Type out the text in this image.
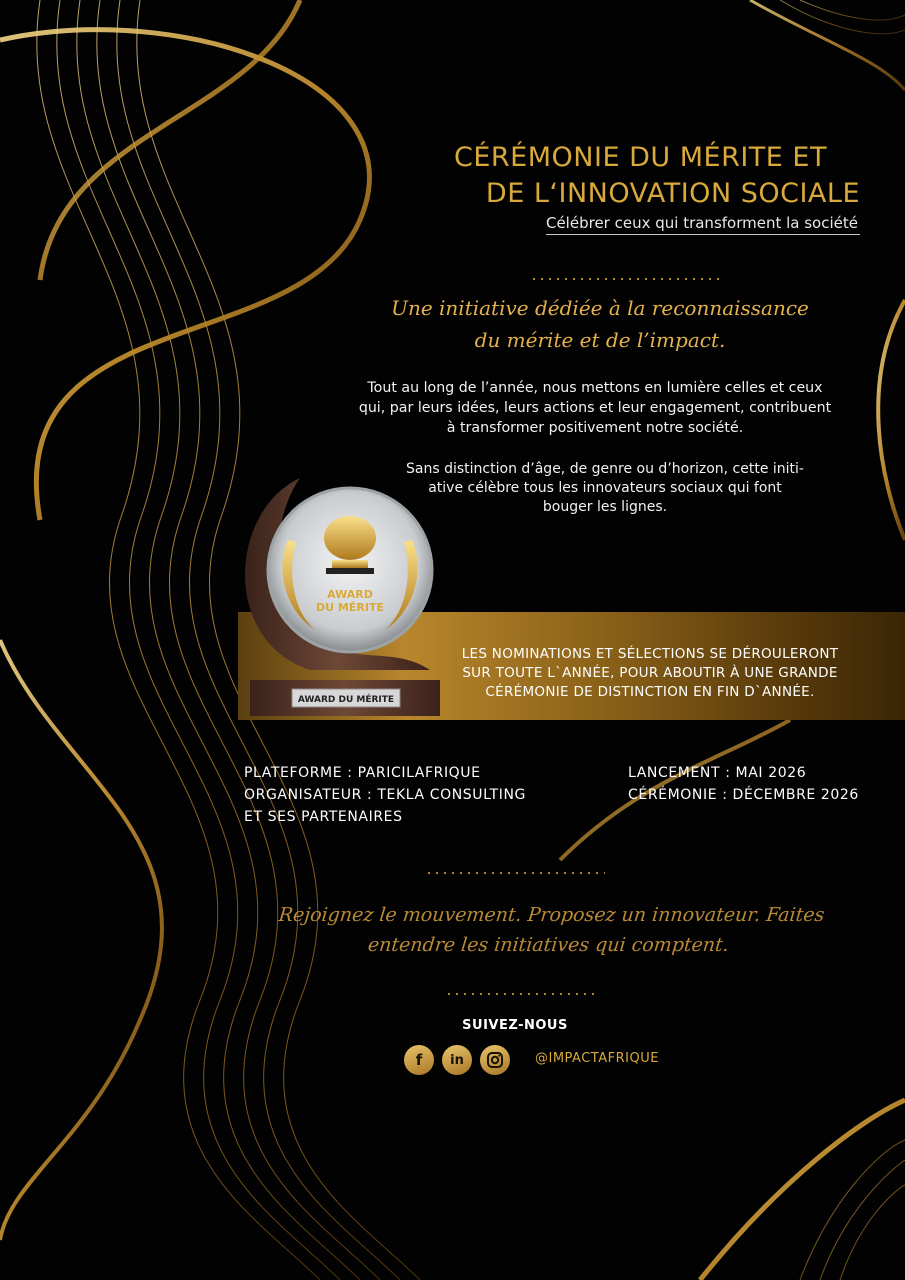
CÉRÉMONIE DU MÉRITE ET
DE L‘INNOVATION SOCIALE
Célébrer ceux qui transforment la société
Une initiative dédiée à la reconnaissance
du mérite et de l’impact.
Tout au long de l’année, nous mettons en lumière celles et ceux
qui, par leurs idées, leurs actions et leur engagement, contribuent
à transformer positivement notre société.
Sans distinction d’âge, de genre ou d’horizon, cette initi-
ative célèbre tous les innovateurs sociaux qui font
bouger les lignes.
LES NOMINATIONS ET SÉLECTIONS SE DÉROULERONT
SUR TOUTE L`ANNÉE, POUR ABOUTIR À UNE GRANDE
CÉRÉMONIE DE DISTINCTION EN FIN D`ANNÉE.
AWARD
DU MÉRITE
AWARD DU MÉRITE
PLATEFORME : PARICILAFRIQUE
ORGANISATEUR : TEKLA CONSULTING
ET SES PARTENAIRES
LANCEMENT : MAI 2026
CÉRÉMONIE : DÉCEMBRE 2026
Rejoignez le mouvement. Proposez un innovateur. Faites
entendre les initiatives qui comptent.
SUIVEZ-NOUS
f	in	@IMPACTAFRIQUE
